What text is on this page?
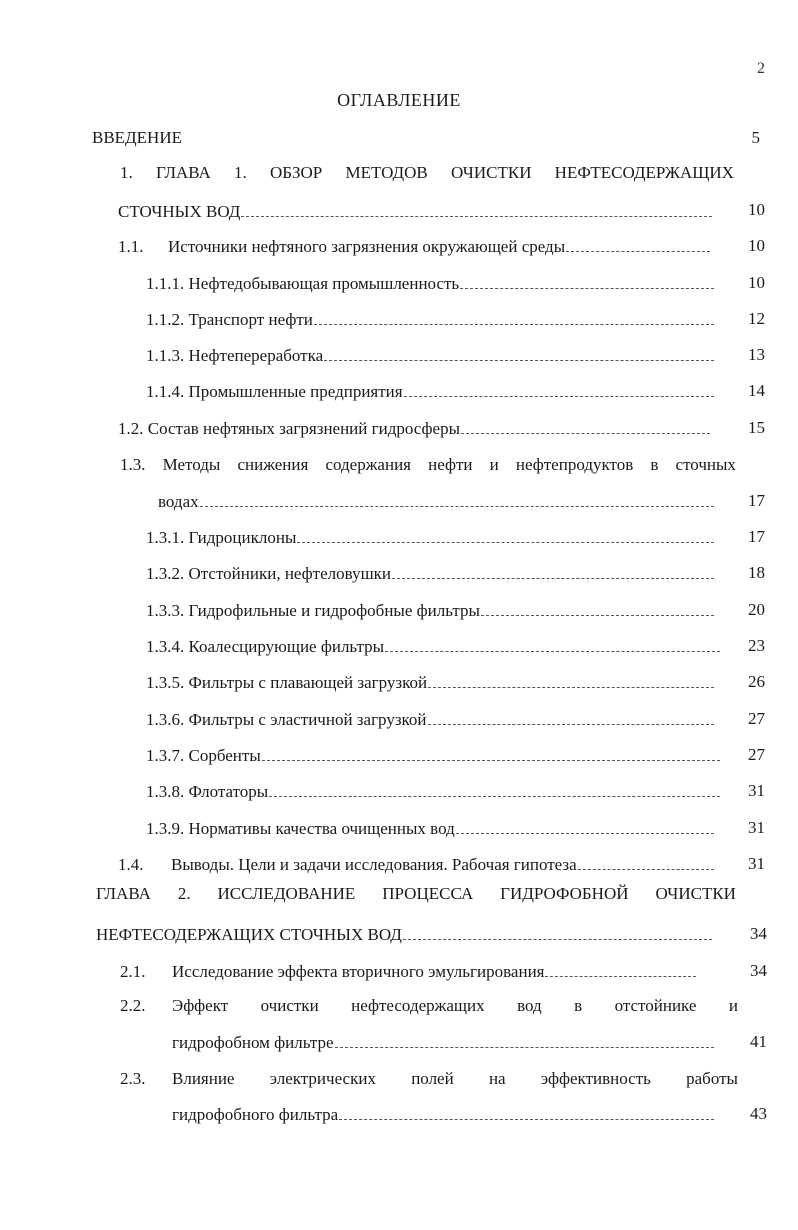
2
ОГЛАВЛЕНИЕ
ВВЕДЕНИЕ	5
1. ГЛАВА 1. ОБЗОР МЕТОДОВ ОЧИСТКИ НЕФТЕСОДЕРЖАЩИХ
СТОЧНЫХ ВОД	10
1.1.	Источники нефтяного загрязнения окружающей среды	10
1.1.1. Нефтедобывающая промышленность	10
1.1.2. Транспорт нефти	12
1.1.3. Нефтепереработка	13
1.1.4. Промышленные предприятия	14
1.2. Состав нефтяных загрязнений гидросферы	15
1.3. Методы снижения содержания нефти и нефтепродуктов в сточных
водах	17
1.3.1. Гидроциклоны	17
1.3.2. Отстойники, нефтеловушки	18
1.3.3. Гидрофильные и гидрофобные фильтры	20
1.3.4. Коалесцирующие фильтры	23
1.3.5. Фильтры с плавающей загрузкой	26
1.3.6. Фильтры с эластичной загрузкой	27
1.3.7. Сорбенты	27
1.3.8. Флотаторы	31
1.3.9. Нормативы качества очищенных вод	31
1.4.	Выводы. Цели и задачи исследования. Рабочая гипотеза	31
ГЛАВА 2. ИССЛЕДОВАНИЕ ПРОЦЕССА ГИДРОФОБНОЙ ОЧИСТКИ
НЕФТЕСОДЕРЖАЩИХ СТОЧНЫХ ВОД	34
2.1.	Исследование эффекта вторичного эмульгирования	34
2.2. Эффект очистки нефтесодержащих вод в отстойнике и
гидрофобном фильтре	41
2.3. Влияние электрических полей на эффективность работы
гидрофобного фильтра	43
